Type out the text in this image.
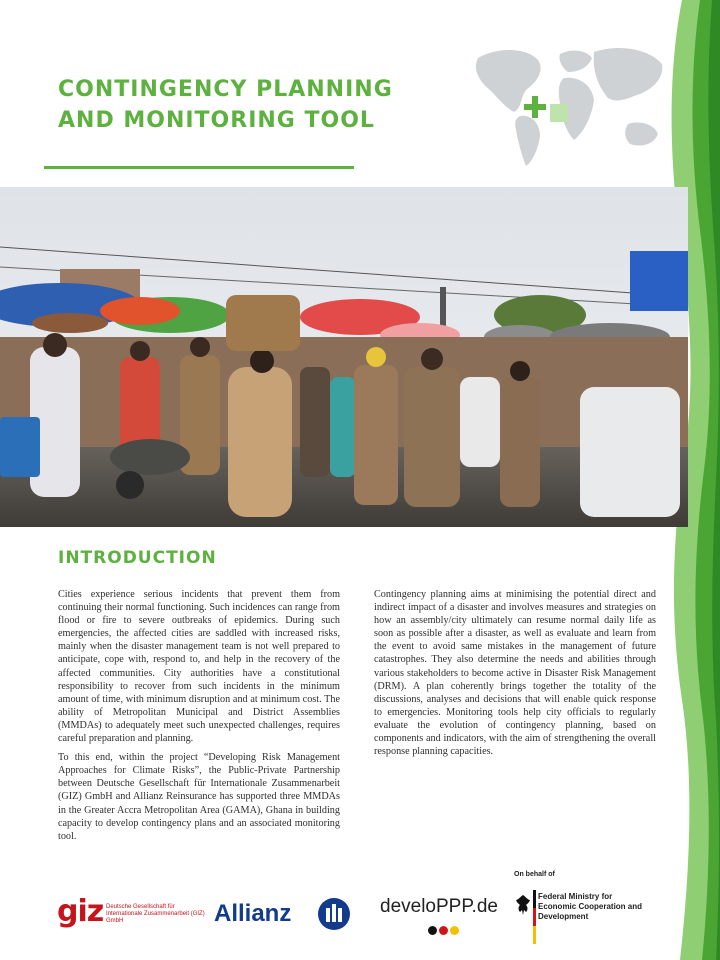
CONTINGENCY PLANNING AND MONITORING TOOL
INTRODUCTION

Cities experience serious incidents that prevent them from continuing their normal functioning. Such incidences can range from flood or fire to severe outbreaks of epidemics. During such emergencies, the affected cities are saddled with increased risks, mainly when the disaster management team is not well prepared to anticipate, cope with, respond to, and help in the recovery of the affected communities. City authorities have a constitutional responsibility to recover from such incidents in the minimum amount of time, with minimum disruption and at minimum cost. The ability of Metropolitan Municipal and District Assemblies (MMDAs) to adequately meet such unexpected challenges, requires careful preparation and planning.

To this end, within the project “Developing Risk Management Approaches for Climate Risks”, the Public-Private Partnership between Deutsche Gesellschaft für Internationale Zusammenarbeit (GIZ) GmbH and Allianz Reinsurance has supported three MMDAs in the Greater Accra Metropolitan Area (GAMA), Ghana in building capacity to develop contingency plans and an associated monitoring tool.

Contingency planning aims at minimising the potential direct and indirect impact of a disaster and involves measures and strategies on how an assembly/city ultimately can resume normal daily life as soon as possible after a disaster, as well as evaluate and learn from the event to avoid same mistakes in the management of future catastrophes. They also determine the needs and abilities through various stakeholders to become active in Disaster Risk Management (DRM). A plan coherently brings together the totality of the discussions, analyses and decisions that will enable quick response to emergencies. Monitoring tools help city officials to regularly evaluate the evolution of contingency planning, based on components and indicators, with the aim of strengthening the overall response planning capacities.

giz Deutsche Gesellschaft für Internationale Zusammenarbeit (GIZ) GmbH	Allianz	develoPPP.de
On behalf of
Federal Ministry for Economic Cooperation and Development
